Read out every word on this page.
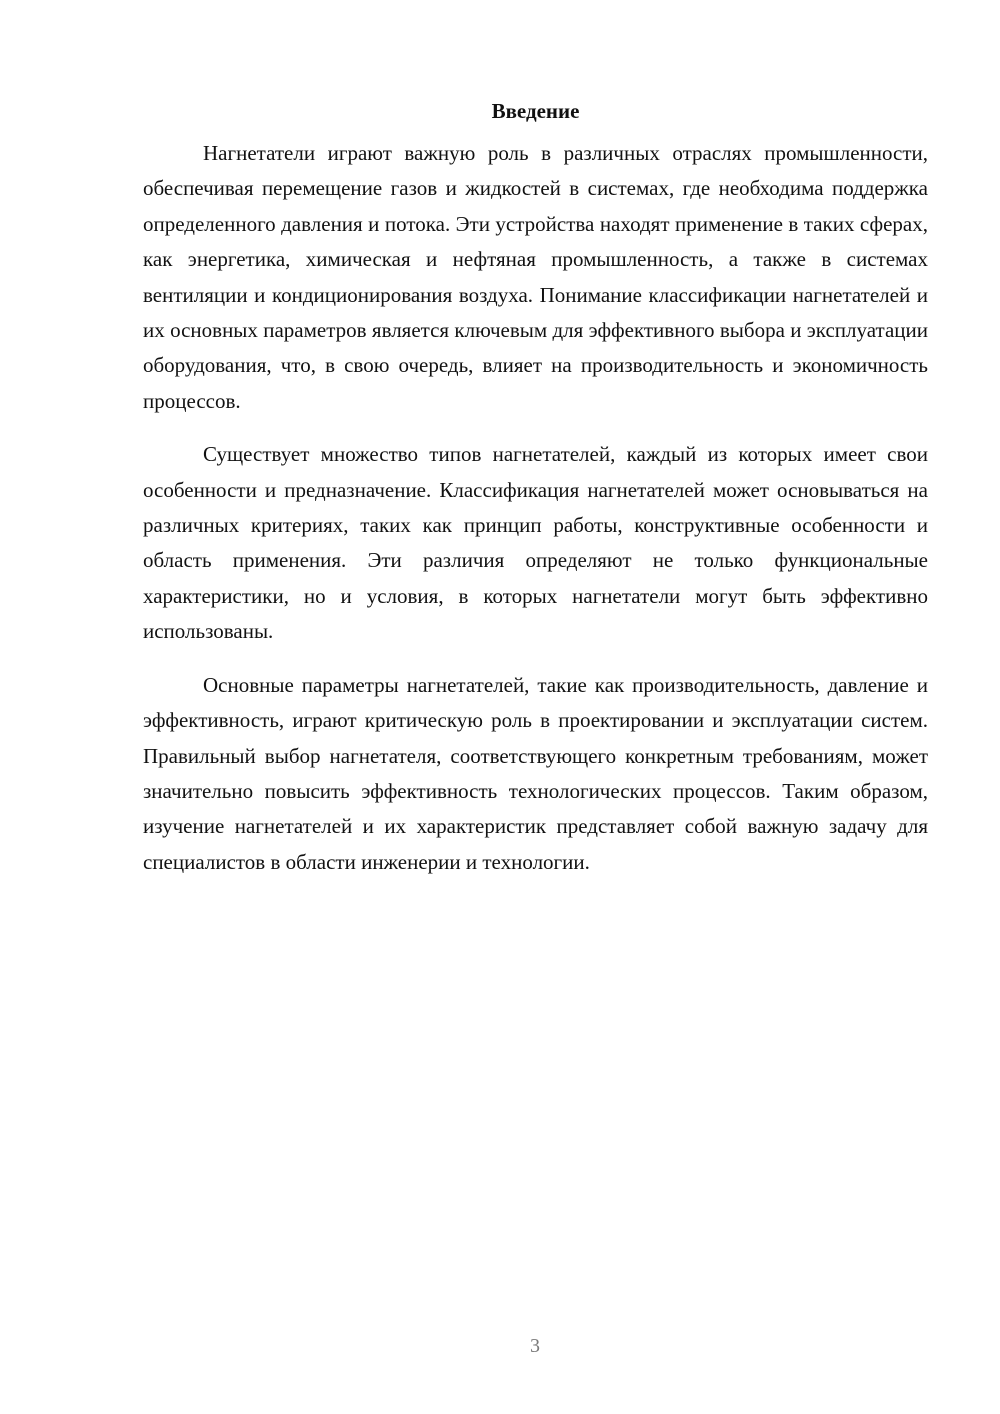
Введение

Нагнетатели играют важную роль в различных отраслях промышленности, обеспечивая перемещение газов и жидкостей в системах, где необходима поддержка определенного давления и потока. Эти устройства находят применение в таких сферах, как энергетика, химическая и нефтяная промышленность, а также в системах вентиляции и кондиционирования воздуха. Понимание классификации нагнетателей и их основных параметров является ключевым для эффективного выбора и эксплуатации оборудования, что, в свою очередь, влияет на производительность и экономичность процессов.

Существует множество типов нагнетателей, каждый из которых имеет свои особенности и предназначение. Классификация нагнетателей может основываться на различных критериях, таких как принцип работы, конструктивные особенности и область применения. Эти различия определяют не только функциональные характеристики, но и условия, в которых нагнетатели могут быть эффективно использованы.

Основные параметры нагнетателей, такие как производительность, давление и эффективность, играют критическую роль в проектировании и эксплуатации систем. Правильный выбор нагнетателя, соответствующего конкретным требованиям, может значительно повысить эффективность технологических процессов. Таким образом, изучение нагнетателей и их характеристик представляет собой важную задачу для специалистов в области инженерии и технологии.

3
